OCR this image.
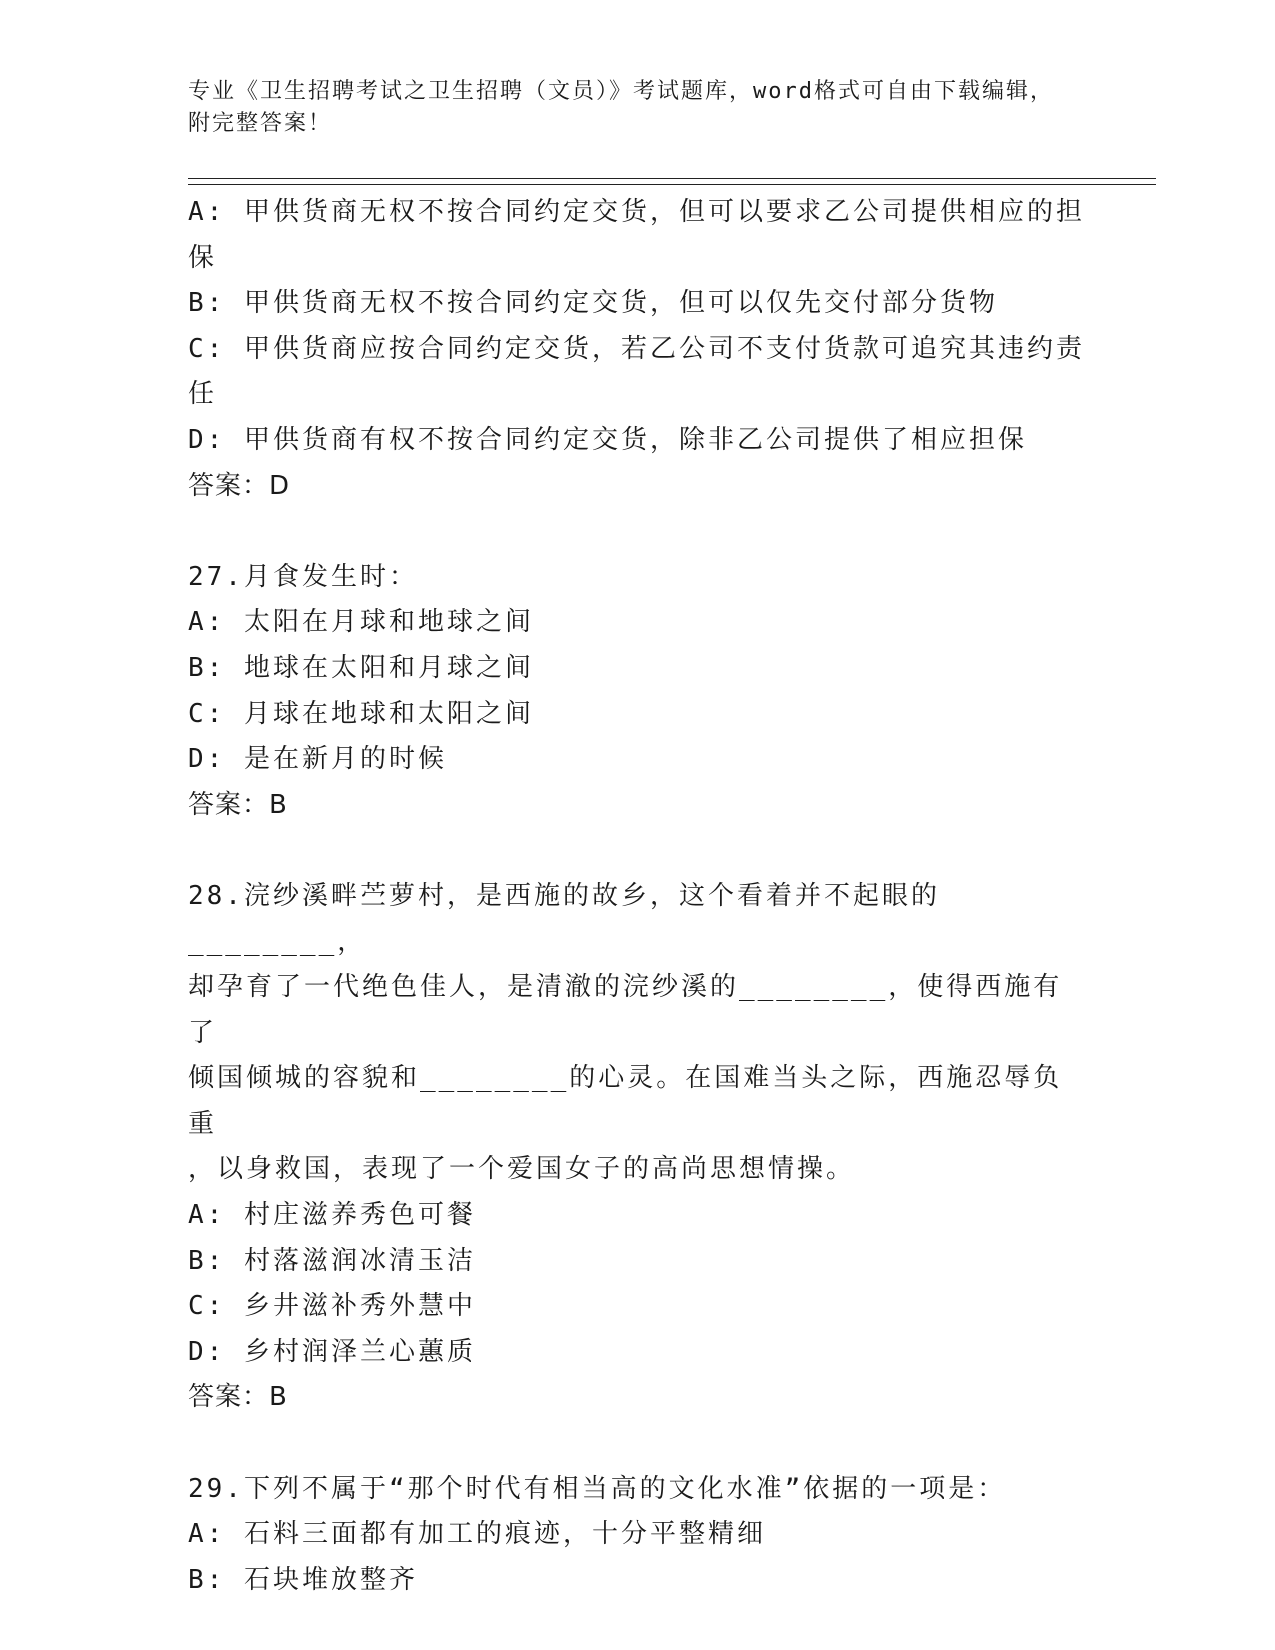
专业《卫生招聘考试之卫生招聘（文员）》考试题库，word格式可自由下载编辑，附完整答案！
A: 甲供货商无权不按合同约定交货，但可以要求乙公司提供相应的担
保
B: 甲供货商无权不按合同约定交货，但可以仅先交付部分货物
C: 甲供货商应按合同约定交货，若乙公司不支付货款可追究其违约责
任
D: 甲供货商有权不按合同约定交货，除非乙公司提供了相应担保
答案：D
27.月食发生时：
A: 太阳在月球和地球之间
B: 地球在太阳和月球之间
C: 月球在地球和太阳之间
D: 是在新月的时候
答案：B
28.浣纱溪畔苎萝村，是西施的故乡，这个看着并不起眼的________，
却孕育了一代绝色佳人，是清澈的浣纱溪的________，使得西施有了
倾国倾城的容貌和________的心灵。在国难当头之际，西施忍辱负重
，以身救国，表现了一个爱国女子的高尚思想情操。
A: 村庄滋养秀色可餐
B: 村落滋润冰清玉洁
C: 乡井滋补秀外慧中
D: 乡村润泽兰心蕙质
答案：B
29.下列不属于“那个时代有相当高的文化水准”依据的一项是：
A: 石料三面都有加工的痕迹，十分平整精细
B: 石块堆放整齐
